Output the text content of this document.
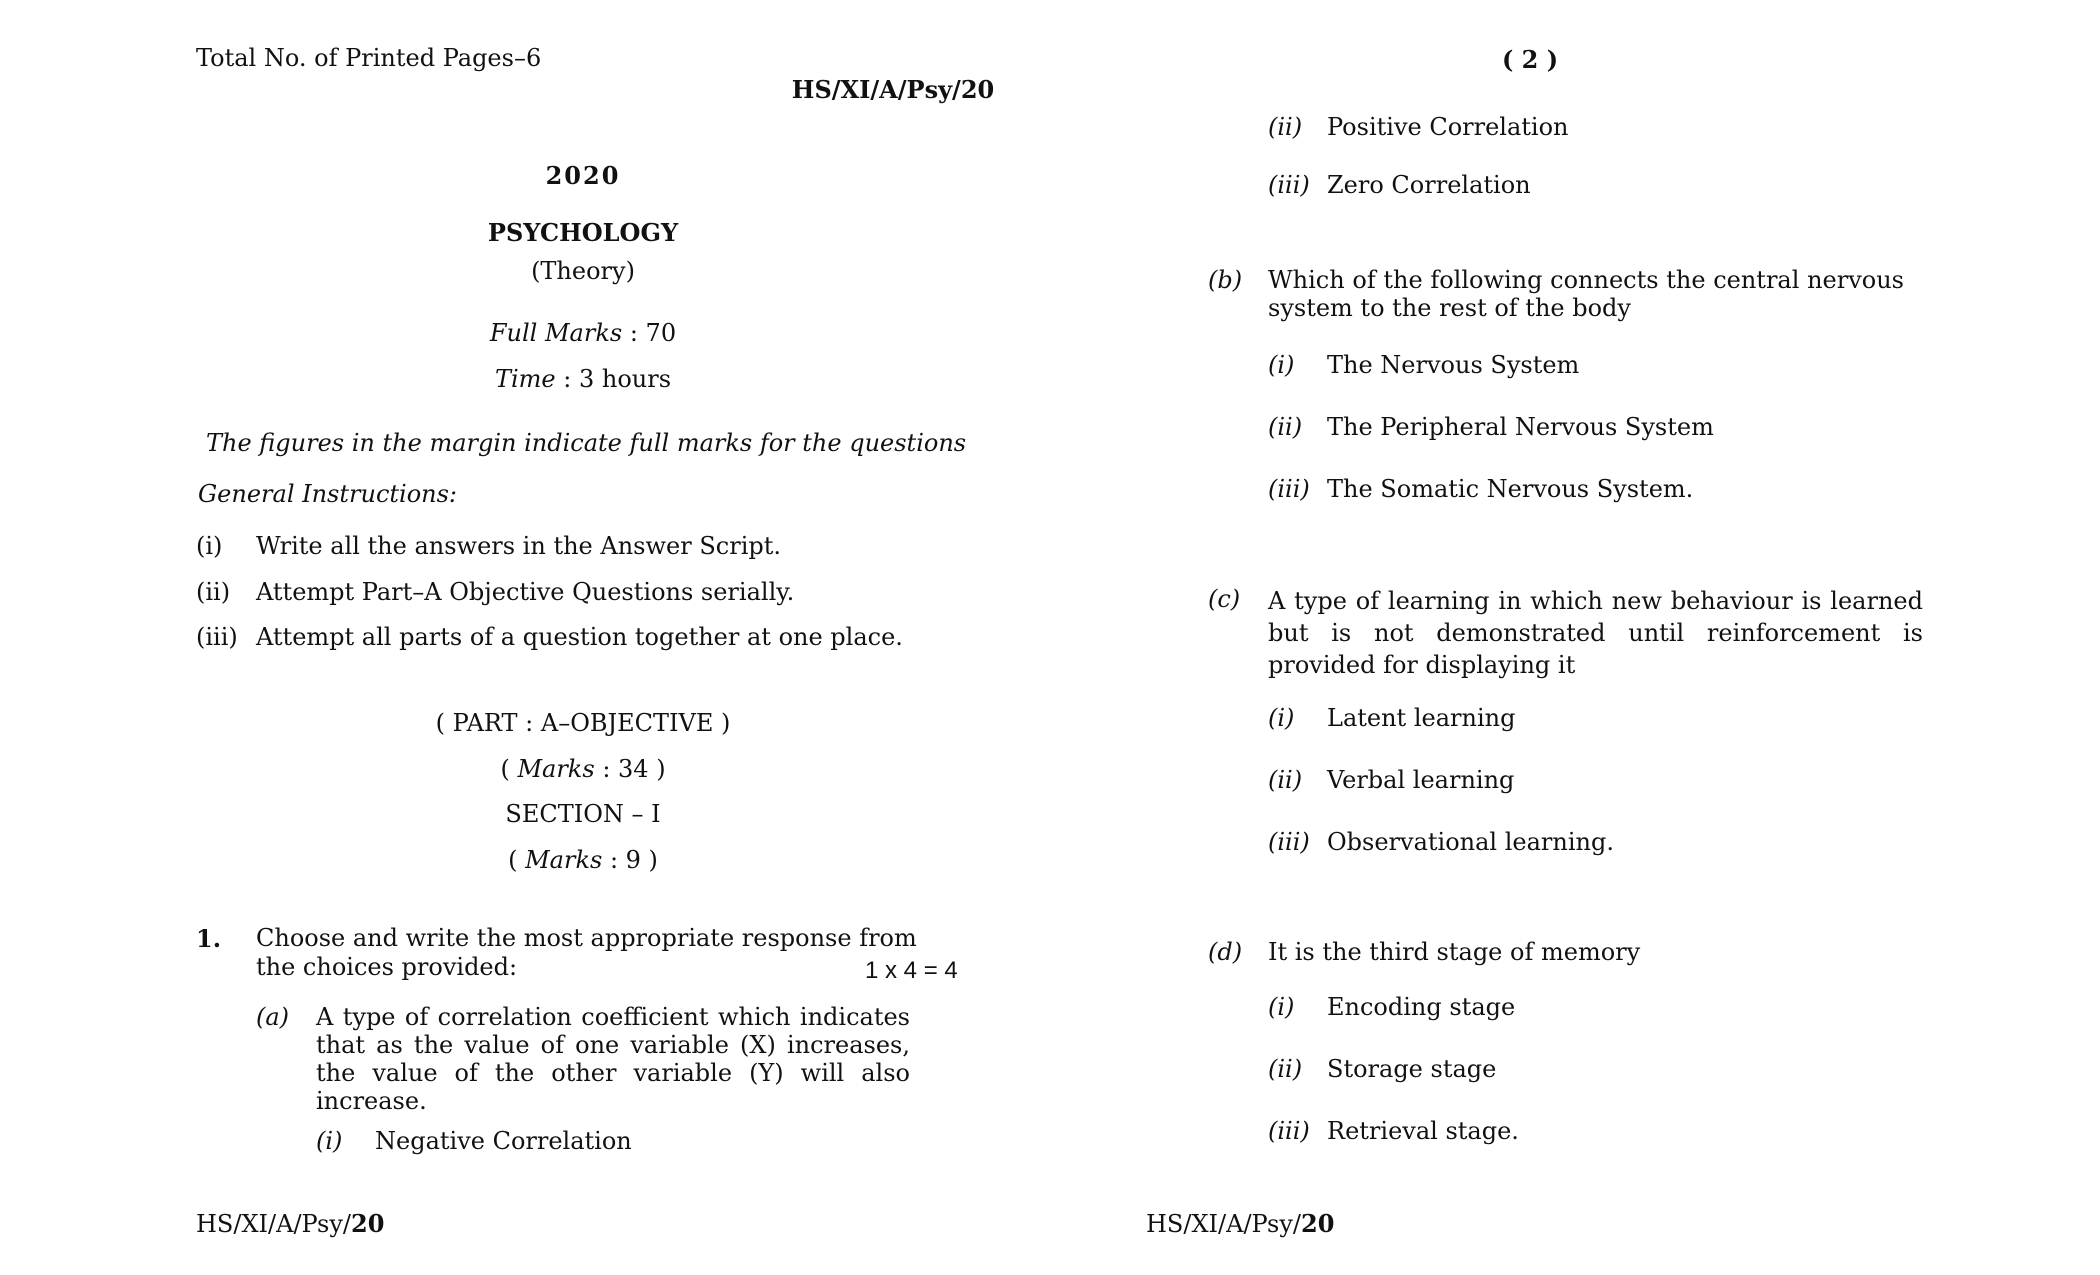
Total No. of Printed Pages–6
HS/XI/A/Psy/20
2020
PSYCHOLOGY
(Theory)
Full Marks : 70
Time : 3 hours
The figures in the margin indicate full marks for the questions
General Instructions:
(i) Write all the answers in the Answer Script.
(ii) Attempt Part–A Objective Questions serially.
(iii) Attempt all parts of a question together at one place.
( PART : A–OBJECTIVE )
( Marks : 34 )
SECTION – I
( Marks : 9 )
1. Choose and write the most appropriate response from
the choices provided:	1 x 4 = 4
(a) A type of correlation coefficient which indicates that as the value of one variable (X) increases, the value of the other variable (Y) will also increase.
(i) Negative Correlation
HS/XI/A/Psy/20
( 2 )
(ii) Positive Correlation
(iii) Zero Correlation
(b) Which of the following connects the central nervous system to the rest of the body
(i) The Nervous System
(ii) The Peripheral Nervous System
(iii) The Somatic Nervous System.
(c) A type of learning in which new behaviour is learned but is not demonstrated until reinforcement is provided for displaying it
(i) Latent learning
(ii) Verbal learning
(iii) Observational learning.
(d) It is the third stage of memory
(i) Encoding stage
(ii) Storage stage
(iii) Retrieval stage.
HS/XI/A/Psy/20
